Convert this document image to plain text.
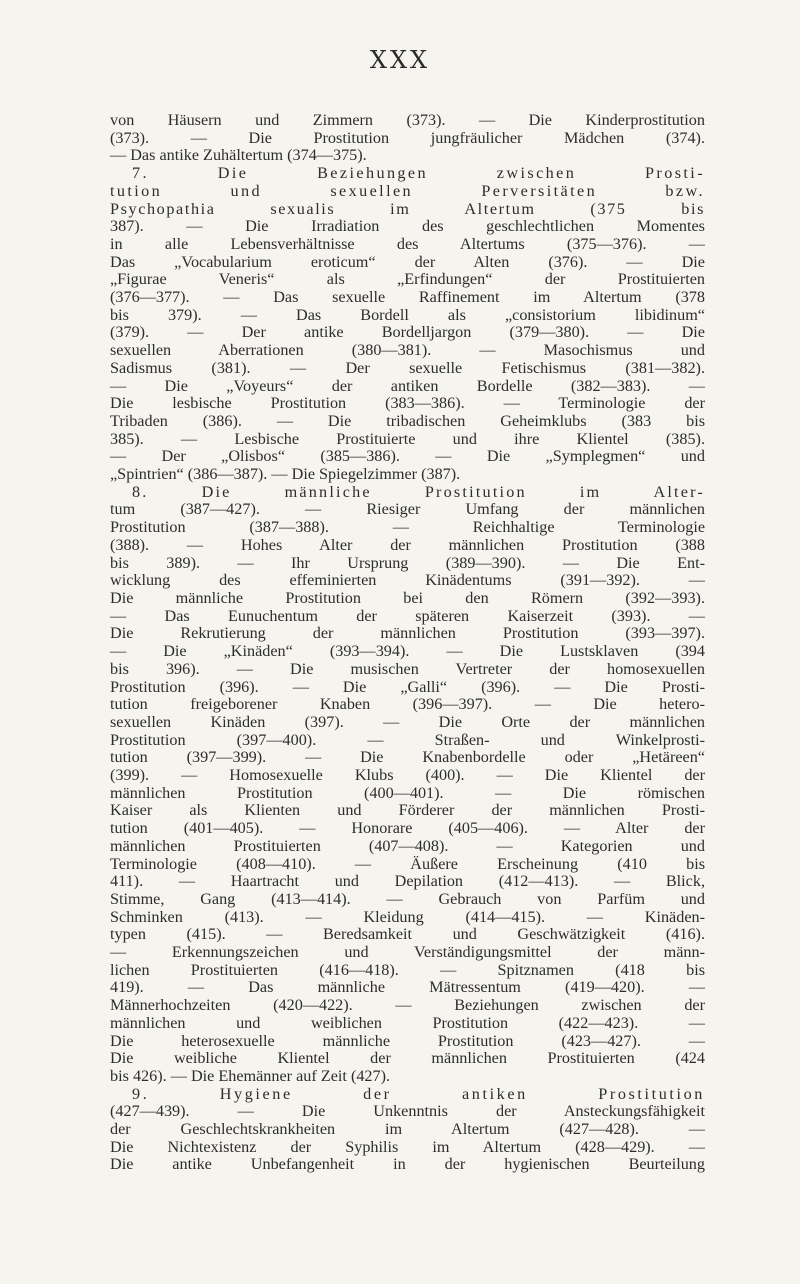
XXX
von Häusern und Zimmern (373). — Die Kinderprostitution
(373). — Die Prostitution jungfräulicher Mädchen (374).
— Das antike Zuhältertum (374—375).
7. Die Beziehungen zwischen Prosti-
tution und sexuellen Perversitäten bzw.
Psychopathia sexualis im Altertum (375 bis
387). — Die Irradiation des geschlechtlichen Momentes
in alle Lebensverhältnisse des Altertums (375—376). —
Das „Vocabularium eroticum“ der Alten (376). — Die
„Figurae Veneris“ als „Erfindungen“ der Prostituierten
(376—377). — Das sexuelle Raffinement im Altertum (378
bis 379). — Das Bordell als „consistorium libidinum“
(379). — Der antike Bordelljargon (379—380). — Die
sexuellen Aberrationen (380—381). — Masochismus und
Sadismus (381). — Der sexuelle Fetischismus (381—382).
— Die „Voyeurs“ der antiken Bordelle (382—383). —
Die lesbische Prostitution (383—386). — Terminologie der
Tribaden (386). — Die tribadischen Geheimklubs (383 bis
385). — Lesbische Prostituierte und ihre Klientel (385).
— Der „Olisbos“ (385—386). — Die „Symplegmen“ und
„Spintrien“ (386—387). — Die Spiegelzimmer (387).
8. Die männliche Prostitution im Alter-
tum (387—427). — Riesiger Umfang der männlichen
Prostitution (387—388). — Reichhaltige Terminologie
(388). — Hohes Alter der männlichen Prostitution (388
bis 389). — Ihr Ursprung (389—390). — Die Ent-
wicklung des effeminierten Kinädentums (391—392). —
Die männliche Prostitution bei den Römern (392—393).
— Das Eunuchentum der späteren Kaiserzeit (393). —
Die Rekrutierung der männlichen Prostitution (393—397).
— Die „Kinäden“ (393—394). — Die Lustsklaven (394
bis 396). — Die musischen Vertreter der homosexuellen
Prostitution (396). — Die „Galli“ (396). — Die Prosti-
tution freigeborener Knaben (396—397). — Die hetero-
sexuellen Kinäden (397). — Die Orte der männlichen
Prostitution (397—400). — Straßen- und Winkelprosti-
tution (397—399). — Die Knabenbordelle oder „Hetäreen“
(399). — Homosexuelle Klubs (400). — Die Klientel der
männlichen Prostitution (400—401). — Die römischen
Kaiser als Klienten und Förderer der männlichen Prosti-
tution (401—405). — Honorare (405—406). — Alter der
männlichen Prostituierten (407—408). — Kategorien und
Terminologie (408—410). — Äußere Erscheinung (410 bis
411). — Haartracht und Depilation (412—413). — Blick,
Stimme, Gang (413—414). — Gebrauch von Parfüm und
Schminken (413). — Kleidung (414—415). — Kinäden-
typen (415). — Beredsamkeit und Geschwätzigkeit (416).
— Erkennungszeichen und Verständigungsmittel der männ-
lichen Prostituierten (416—418). — Spitznamen (418 bis
419). — Das männliche Mätressentum (419—420). —
Männerhochzeiten (420—422). — Beziehungen zwischen der
männlichen und weiblichen Prostitution (422—423). —
Die heterosexuelle männliche Prostitution (423—427). —
Die weibliche Klientel der männlichen Prostituierten (424
bis 426). — Die Ehemänner auf Zeit (427).
9. Hygiene der antiken Prostitution
(427—439). — Die Unkenntnis der Ansteckungsfähigkeit
der Geschlechtskrankheiten im Altertum (427—428). —
Die Nichtexistenz der Syphilis im Altertum (428—429). —
Die antike Unbefangenheit in der hygienischen Beurteilung
